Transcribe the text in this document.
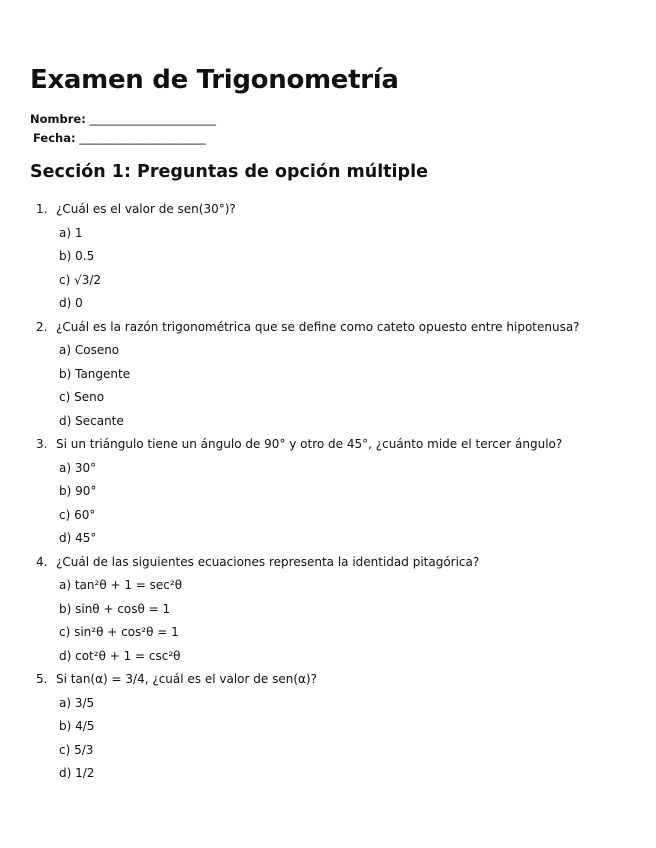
Examen de Trigonometría
Nombre: ________________________
Fecha: ________________________
Sección 1: Preguntas de opción múltiple
1. ¿Cuál es el valor de sen(30°)?
a) 1
b) 0.5
c) √3/2
d) 0
2. ¿Cuál es la razón trigonométrica que se define como cateto opuesto entre hipotenusa?
a) Coseno
b) Tangente
c) Seno
d) Secante
3. Si un triángulo tiene un ángulo de 90° y otro de 45°, ¿cuánto mide el tercer ángulo?
a) 30°
b) 90°
c) 60°
d) 45°
4. ¿Cuál de las siguientes ecuaciones representa la identidad pitagórica?
a) tan²θ + 1 = sec²θ
b) sinθ + cosθ = 1
c) sin²θ + cos²θ = 1
d) cot²θ + 1 = csc²θ
5. Si tan(α) = 3/4, ¿cuál es el valor de sen(α)?
a) 3/5
b) 4/5
c) 5/3
d) 1/2
